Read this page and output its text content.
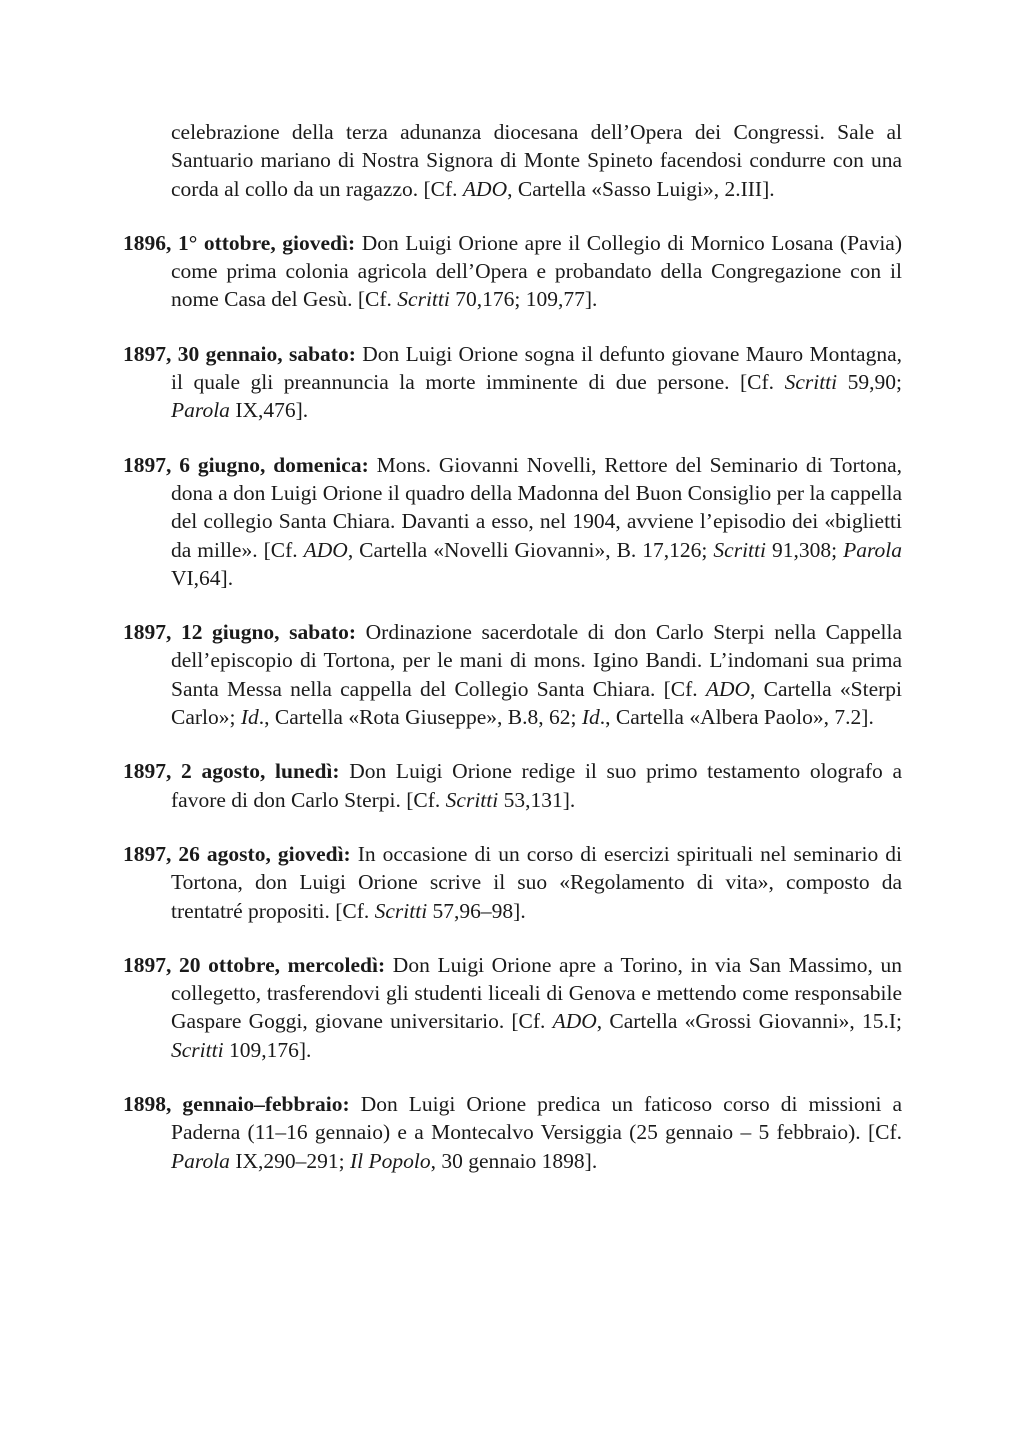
celebrazione della terza adunanza diocesana dell’Opera dei Congressi. Sale al Santuario mariano di Nostra Signora di Monte Spineto facendosi condurre con una corda al collo da un ragazzo. [Cf. ADO, Cartella «Sasso Luigi», 2.III].

1896, 1° ottobre, giovedì: Don Luigi Orione apre il Collegio di Mornico Losana (Pavia) come prima colonia agricola dell’Opera e probandato della Congregazione con il nome Casa del Gesù. [Cf. Scritti 70,176; 109,77].

1897, 30 gennaio, sabato: Don Luigi Orione sogna il defunto giovane Mauro Montagna, il quale gli preannuncia la morte imminente di due persone. [Cf. Scritti 59,90; Parola IX,476].

1897, 6 giugno, domenica: Mons. Giovanni Novelli, Rettore del Seminario di Tortona, dona a don Luigi Orione il quadro della Madonna del Buon Consiglio per la cappella del collegio Santa Chiara. Davanti a esso, nel 1904, avviene l’episodio dei «biglietti da mille». [Cf. ADO, Cartella «Novelli Giovanni», B. 17,126; Scritti 91,308; Parola VI,64].

1897, 12 giugno, sabato: Ordinazione sacerdotale di don Carlo Sterpi nella Cappella dell’episcopio di Tortona, per le mani di mons. Igino Bandi. L’indomani sua prima Santa Messa nella cappella del Collegio Santa Chiara. [Cf. ADO, Cartella «Sterpi Carlo»; Id., Cartella «Rota Giuseppe», B.8, 62; Id., Cartella «Albera Paolo», 7.2].

1897, 2 agosto, lunedì: Don Luigi Orione redige il suo primo testamento olografo a favore di don Carlo Sterpi. [Cf. Scritti 53,131].

1897, 26 agosto, giovedì: In occasione di un corso di esercizi spirituali nel seminario di Tortona, don Luigi Orione scrive il suo «Regolamento di vita», composto da trentatré propositi. [Cf. Scritti 57,96–98].

1897, 20 ottobre, mercoledì: Don Luigi Orione apre a Torino, in via San Massimo, un collegetto, trasferendovi gli studenti liceali di Genova e mettendo come responsabile Gaspare Goggi, giovane universitario. [Cf. ADO, Cartella «Grossi Giovanni», 15.I; Scritti 109,176].

1898, gennaio–febbraio: Don Luigi Orione predica un faticoso corso di missioni a Paderna (11–16 gennaio) e a Montecalvo Versiggia (25 gennaio – 5 febbraio). [Cf. Parola IX,290–291; Il Popolo, 30 gennaio 1898].
